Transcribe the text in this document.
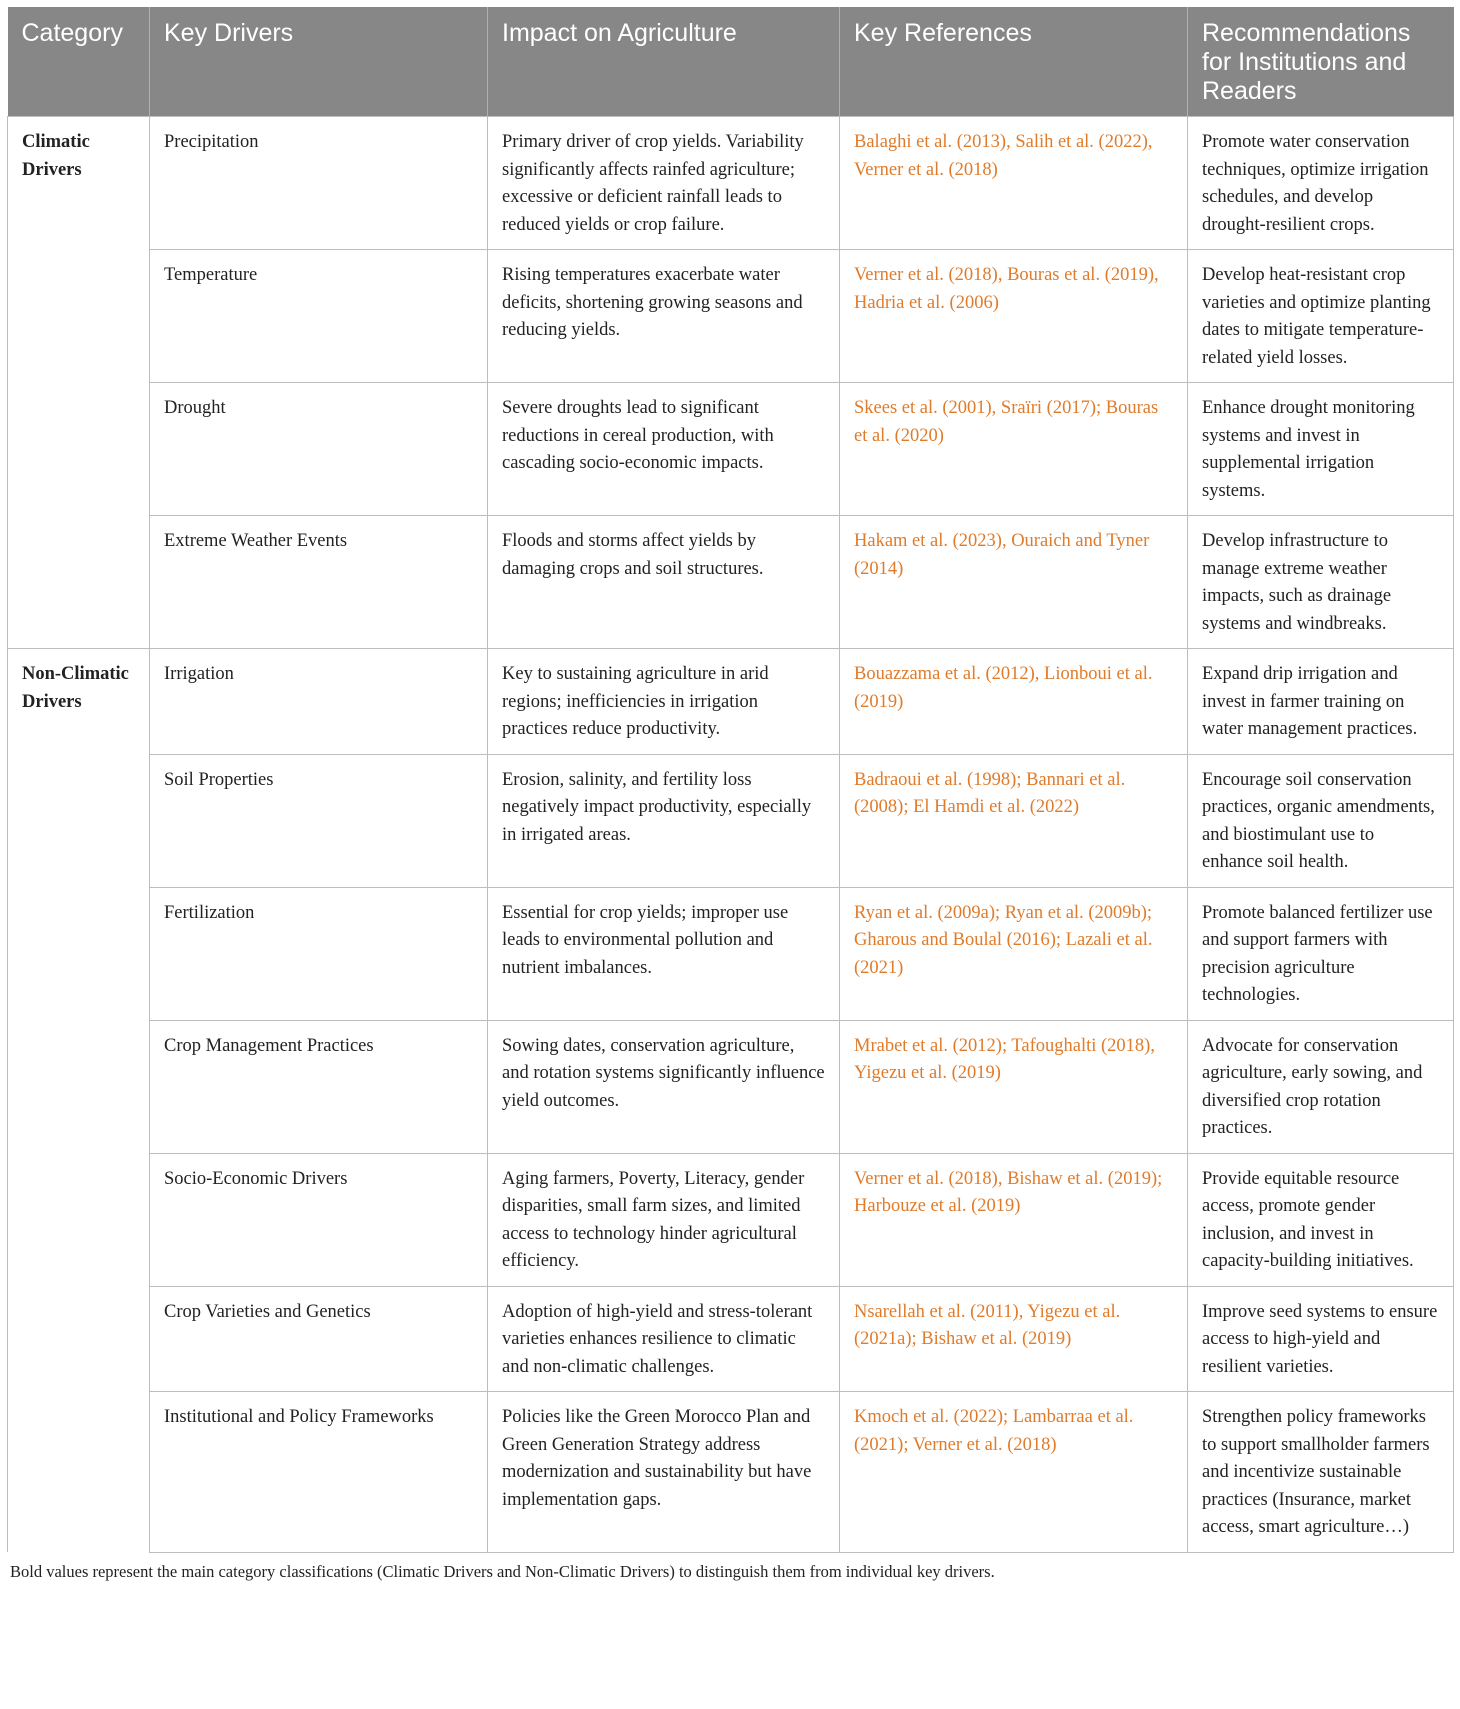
Category	Key Drivers	Impact on Agriculture	Key References	Recommendations for Institutions and Readers
Climatic Drivers	Precipitation	Primary driver of crop yields. Variability significantly affects rainfed agriculture; excessive or deficient rainfall leads to reduced yields or crop failure.	Balaghi et al. (2013), Salih et al. (2022), Verner et al. (2018)	Promote water conservation techniques, optimize irrigation schedules, and develop drought-resilient crops.
	Temperature	Rising temperatures exacerbate water deficits, shortening growing seasons and reducing yields.	Verner et al. (2018), Bouras et al. (2019), Hadria et al. (2006)	Develop heat-resistant crop varieties and optimize planting dates to mitigate temperature-related yield losses.
	Drought	Severe droughts lead to significant reductions in cereal production, with cascading socio-economic impacts.	Skees et al. (2001), Sraïri (2017); Bouras et al. (2020)	Enhance drought monitoring systems and invest in supplemental irrigation systems.
	Extreme Weather Events	Floods and storms affect yields by damaging crops and soil structures.	Hakam et al. (2023), Ouraich and Tyner (2014)	Develop infrastructure to manage extreme weather impacts, such as drainage systems and windbreaks.
Non-Climatic Drivers	Irrigation	Key to sustaining agriculture in arid regions; inefficiencies in irrigation practices reduce productivity.	Bouazzama et al. (2012), Lionboui et al. (2019)	Expand drip irrigation and invest in farmer training on water management practices.
	Soil Properties	Erosion, salinity, and fertility loss negatively impact productivity, especially in irrigated areas.	Badraoui et al. (1998); Bannari et al. (2008); El Hamdi et al. (2022)	Encourage soil conservation practices, organic amendments, and biostimulant use to enhance soil health.
	Fertilization	Essential for crop yields; improper use leads to environmental pollution and nutrient imbalances.	Ryan et al. (2009a); Ryan et al. (2009b); Gharous and Boulal (2016); Lazali et al. (2021)	Promote balanced fertilizer use and support farmers with precision agriculture technologies.
	Crop Management Practices	Sowing dates, conservation agriculture, and rotation systems significantly influence yield outcomes.	Mrabet et al. (2012); Tafoughalti (2018), Yigezu et al. (2019)	Advocate for conservation agriculture, early sowing, and diversified crop rotation practices.
	Socio-Economic Drivers	Aging farmers, Poverty, Literacy, gender disparities, small farm sizes, and limited access to technology hinder agricultural efficiency.	Verner et al. (2018), Bishaw et al. (2019); Harbouze et al. (2019)	Provide equitable resource access, promote gender inclusion, and invest in capacity-building initiatives.
	Crop Varieties and Genetics	Adoption of high-yield and stress-tolerant varieties enhances resilience to climatic and non-climatic challenges.	Nsarellah et al. (2011), Yigezu et al. (2021a); Bishaw et al. (2019)	Improve seed systems to ensure access to high-yield and resilient varieties.
	Institutional and Policy Frameworks	Policies like the Green Morocco Plan and Green Generation Strategy address modernization and sustainability but have implementation gaps.	Kmoch et al. (2022); Lambarraa et al. (2021); Verner et al. (2018)	Strengthen policy frameworks to support smallholder farmers and incentivize sustainable practices (Insurance, market access, smart agriculture…)
Bold values represent the main category classifications (Climatic Drivers and Non-Climatic Drivers) to distinguish them from individual key drivers.
